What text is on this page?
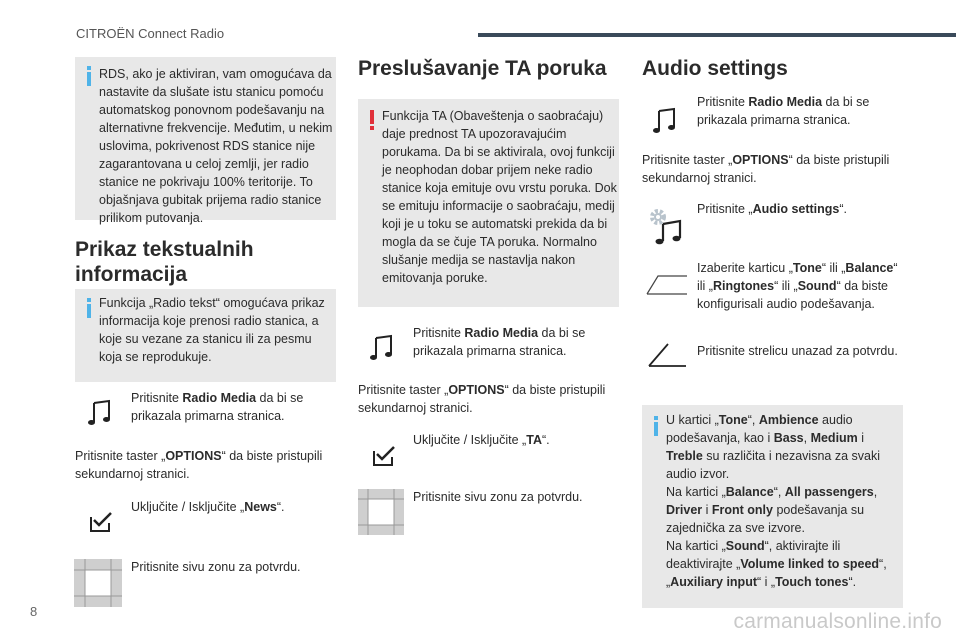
CITROËN Connect Radio
RDS, ako je aktiviran, vam omogućava da
nastavite da slušate istu stanicu pomoću
automatskog ponovnom podešavanju na
alternativne frekvencije. Međutim, u nekim
uslovima, pokrivenost RDS stanice nije
zagarantovana u celoj zemlji, jer radio
stanice ne pokrivaju 100% teritorije. To
objašnjava gubitak prijema radio stanice
prilikom putovanja.
Prikaz tekstualnih
informacija
Funkcija „Radio tekst“ omogućava prikaz
informacija koje prenosi radio stanica, a
koje su vezane za stanicu ili za pesmu
koja se reprodukuje.
Pritisnite Radio Media da bi se
prikazala primarna stranica.
Pritisnite taster „OPTIONS“ da biste pristupili
sekundarnoj stranici.
Uključite / Isključite „News“.
Pritisnite sivu zonu za potvrdu.
8
Preslušavanje TA poruka
Funkcija TA (Obaveštenja o saobraćaju)
daje prednost TA upozoravajućim
porukama. Da bi se aktivirala, ovoj funkciji
je neophodan dobar prijem neke radio
stanice koja emituje ovu vrstu poruka. Dok
se emituju informacije o saobraćaju, medij
koji je u toku se automatski prekida da bi
mogla da se čuje TA poruka. Normalno
slušanje medija se nastavlja nakon
emitovanja poruke.
Pritisnite Radio Media da bi se
prikazala primarna stranica.
Pritisnite taster „OPTIONS“ da biste pristupili
sekundarnoj stranici.
Uključite / Isključite „TA“.
Pritisnite sivu zonu za potvrdu.
Audio settings
Pritisnite Radio Media da bi se
prikazala primarna stranica.
Pritisnite taster „OPTIONS“ da biste pristupili
sekundarnoj stranici.
Pritisnite „Audio settings“.
Izaberite karticu „Tone“ ili „Balance“
ili „Ringtones“ ili „Sound“ da biste
konfigurisali audio podešavanja.
Pritisnite strelicu unazad za potvrdu.
U kartici „Tone“, Ambience audio
podešavanja, kao i Bass, Medium i
Treble su različita i nezavisna za svaki
audio izvor.
Na kartici „Balance“, All passengers,
Driver i Front only podešavanja su
zajednička za sve izvore.
Na kartici „Sound“, aktivirajte ili
deaktivirajte „Volume linked to speed“,
„Auxiliary input“ i „Touch tones“.
carmanualsonline.info
